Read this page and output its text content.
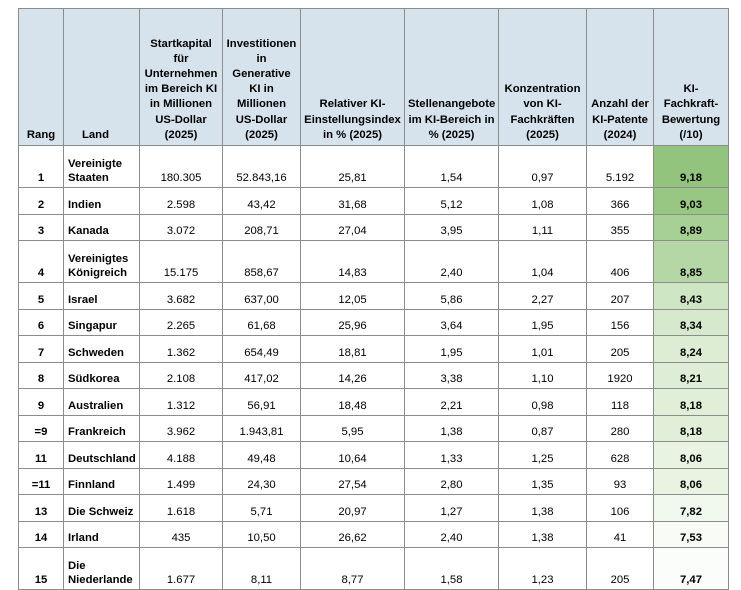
Rang	Land	Startkapital für Unternehmen im Bereich KI in Millionen US-Dollar (2025)	Investitionen in Generative KI in Millionen US-Dollar (2025)	Relativer KI-Einstellungsindex in % (2025)	Stellenangebote im KI-Bereich in % (2025)	Konzentration von KI-Fachkräften (2025)	Anzahl der KI-Patente (2024)	KI-Fachkraft-Bewertung (/10)
1	Vereinigte Staaten	180.305	52.843,16	25,81	1,54	0,97	5.192	9,18
2	Indien	2.598	43,42	31,68	5,12	1,08	366	9,03
3	Kanada	3.072	208,71	27,04	3,95	1,11	355	8,89
4	Vereinigtes Königreich	15.175	858,67	14,83	2,40	1,04	406	8,85
5	Israel	3.682	637,00	12,05	5,86	2,27	207	8,43
6	Singapur	2.265	61,68	25,96	3,64	1,95	156	8,34
7	Schweden	1.362	654,49	18,81	1,95	1,01	205	8,24
8	Südkorea	2.108	417,02	14,26	3,38	1,10	1920	8,21
9	Australien	1.312	56,91	18,48	2,21	0,98	118	8,18
=9	Frankreich	3.962	1.943,81	5,95	1,38	0,87	280	8,18
11	Deutschland	4.188	49,48	10,64	1,33	1,25	628	8,06
=11	Finnland	1.499	24,30	27,54	2,80	1,35	93	8,06
13	Die Schweiz	1.618	5,71	20,97	1,27	1,38	106	7,82
14	Irland	435	10,50	26,62	2,40	1,38	41	7,53
15	Die Niederlande	1.677	8,11	8,77	1,58	1,23	205	7,47
